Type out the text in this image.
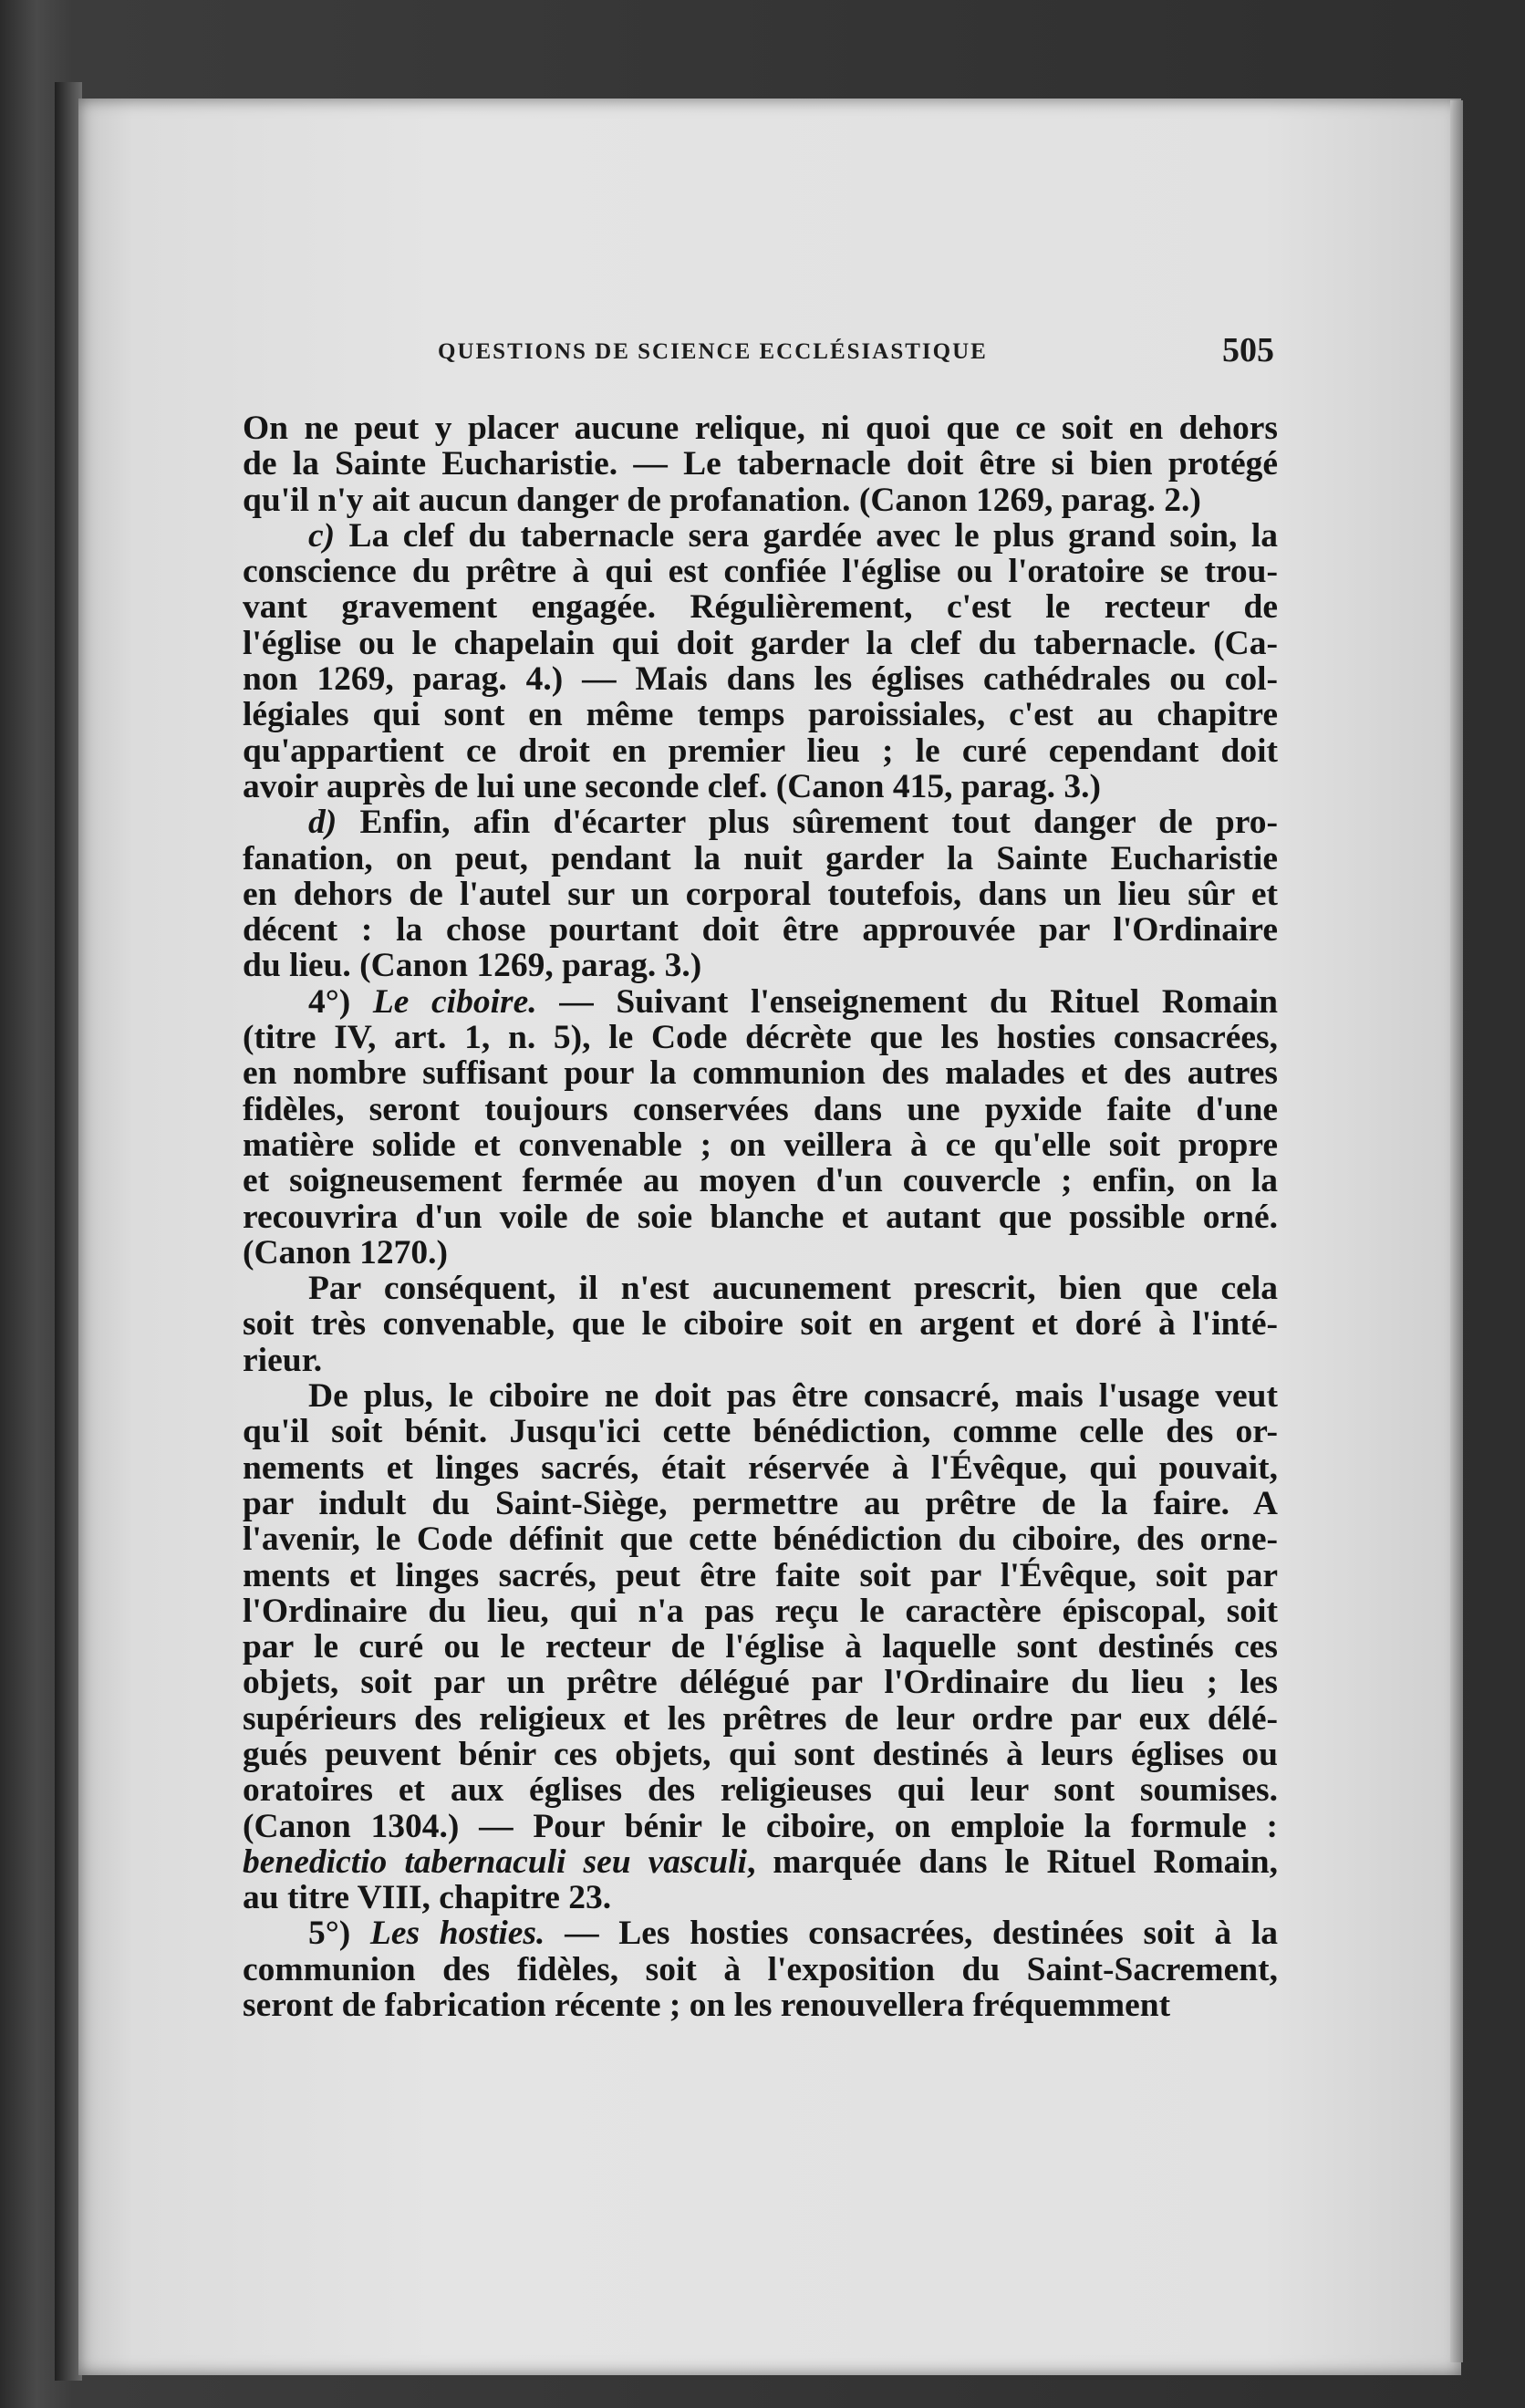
QUESTIONS DE SCIENCE ECCLÉSIASTIQUE	505
On ne peut y placer aucune relique, ni quoi que ce soit en dehors
de la Sainte Eucharistie. — Le tabernacle doit être si bien protégé
qu'il n'y ait aucun danger de profanation. (Canon 1269, parag. 2.)
c) La clef du tabernacle sera gardée avec le plus grand soin, la
conscience du prêtre à qui est confiée l'église ou l'oratoire se trou-
vant gravement engagée. Régulièrement, c'est le recteur de
l'église ou le chapelain qui doit garder la clef du tabernacle. (Ca-
non 1269, parag. 4.) — Mais dans les églises cathédrales ou col-
légiales qui sont en même temps paroissiales, c'est au chapitre
qu'appartient ce droit en premier lieu ; le curé cependant doit
avoir auprès de lui une seconde clef. (Canon 415, parag. 3.)
d) Enfin, afin d'écarter plus sûrement tout danger de pro-
fanation, on peut, pendant la nuit garder la Sainte Eucharistie
en dehors de l'autel sur un corporal toutefois, dans un lieu sûr et
décent : la chose pourtant doit être approuvée par l'Ordinaire
du lieu. (Canon 1269, parag. 3.)
4°) Le ciboire. — Suivant l'enseignement du Rituel Romain
(titre IV, art. 1, n. 5), le Code décrète que les hosties consacrées,
en nombre suffisant pour la communion des malades et des autres
fidèles, seront toujours conservées dans une pyxide faite d'une
matière solide et convenable ; on veillera à ce qu'elle soit propre
et soigneusement fermée au moyen d'un couvercle ; enfin, on la
recouvrira d'un voile de soie blanche et autant que possible orné.
(Canon 1270.)
Par conséquent, il n'est aucunement prescrit, bien que cela
soit très convenable, que le ciboire soit en argent et doré à l'inté-
rieur.
De plus, le ciboire ne doit pas être consacré, mais l'usage veut
qu'il soit bénit. Jusqu'ici cette bénédiction, comme celle des or-
nements et linges sacrés, était réservée à l'Évêque, qui pouvait,
par indult du Saint-Siège, permettre au prêtre de la faire. A
l'avenir, le Code définit que cette bénédiction du ciboire, des orne-
ments et linges sacrés, peut être faite soit par l'Évêque, soit par
l'Ordinaire du lieu, qui n'a pas reçu le caractère épiscopal, soit
par le curé ou le recteur de l'église à laquelle sont destinés ces
objets, soit par un prêtre délégué par l'Ordinaire du lieu ; les
supérieurs des religieux et les prêtres de leur ordre par eux délé-
gués peuvent bénir ces objets, qui sont destinés à leurs églises ou
oratoires et aux églises des religieuses qui leur sont soumises.
(Canon 1304.) — Pour bénir le ciboire, on emploie la formule :
benedictio tabernaculi seu vasculi, marquée dans le Rituel Romain,
au titre VIII, chapitre 23.
5°) Les hosties. — Les hosties consacrées, destinées soit à la
communion des fidèles, soit à l'exposition du Saint-Sacrement,
seront de fabrication récente ; on les renouvellera fréquemment
